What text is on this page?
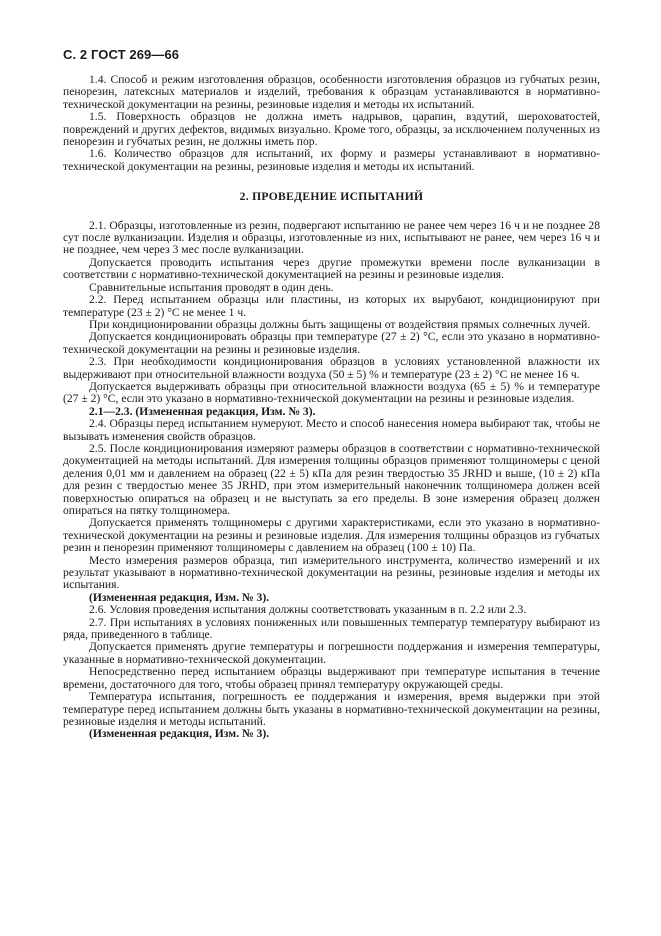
С. 2 ГОСТ 269—66

1.4. Способ и режим изготовления образцов, особенности изготовления образцов из губчатых резин, пенорезин, латексных материалов и изделий, требования к образцам устанавливаются в нормативно-технической документации на резины, резиновые изделия и методы их испытаний.

1.5. Поверхность образцов не должна иметь надрывов, царапин, вздутий, шероховатостей, повреждений и других дефектов, видимых визуально. Кроме того, образцы, за исключением полученных из пенорезин и губчатых резин, не должны иметь пор.

1.6. Количество образцов для испытаний, их форму и размеры устанавливают в нормативно-технической документации на резины, резиновые изделия и методы их испытаний.

2. ПРОВЕДЕНИЕ ИСПЫТАНИЙ

2.1. Образцы, изготовленные из резин, подвергают испытанию не ранее чем через 16 ч и не позднее 28 сут после вулканизации. Изделия и образцы, изготовленные из них, испытывают не ранее, чем через 16 ч и не позднее, чем через 3 мес после вулканизации.

Допускается проводить испытания через другие промежутки времени после вулканизации в соответствии с нормативно-технической документацией на резины и резиновые изделия.

Сравнительные испытания проводят в один день.

2.2. Перед испытанием образцы или пластины, из которых их вырубают, кондиционируют при температуре (23 ± 2) °С не менее 1 ч.

При кондиционировании образцы должны быть защищены от воздействия прямых солнечных лучей.

Допускается кондиционировать образцы при температуре (27 ± 2) °С, если это указано в нормативно-технической документации на резины и резиновые изделия.

2.3. При необходимости кондиционирования образцов в условиях установленной влажности их выдерживают при относительной влажности воздуха (50 ± 5) % и температуре (23 ± 2) °С не менее 16 ч.

Допускается выдерживать образцы при относительной влажности воздуха (65 ± 5) % и температуре (27 ± 2) °С, если это указано в нормативно-технической документации на резины и резиновые изделия.

2.1—2.3. (Измененная редакция, Изм. № 3).

2.4. Образцы перед испытанием нумеруют. Место и способ нанесения номера выбирают так, чтобы не вызывать изменения свойств образцов.

2.5. После кондиционирования измеряют размеры образцов в соответствии с нормативно-технической документацией на методы испытаний. Для измерения толщины образцов применяют толщиномеры с ценой деления 0,01 мм и давлением на образец (22 ± 5) кПа для резин твердостью 35 JRHD и выше, (10 ± 2) кПа для резин с твердостью менее 35 JRHD, при этом измерительный наконечник толщиномера должен всей поверхностью опираться на образец и не выступать за его пределы. В зоне измерения образец должен опираться на пятку толщиномера.

Допускается применять толщиномеры с другими характеристиками, если это указано в нормативно-технической документации на резины и резиновые изделия. Для измерения толщины образцов из губчатых резин и пенорезин применяют толщиномеры с давлением на образец (100 ± 10) Па.

Место измерения размеров образца, тип измерительного инструмента, количество измерений и их результат указывают в нормативно-технической документации на резины, резиновые изделия и методы их испытания.

(Измененная редакция, Изм. № 3).

2.6. Условия проведения испытания должны соответствовать указанным в п. 2.2 или 2.3.

2.7. При испытаниях в условиях пониженных или повышенных температур температуру выбирают из ряда, приведенного в таблице.

Допускается применять другие температуры и погрешности поддержания и измерения температуры, указанные в нормативно-технической документации.

Непосредственно перед испытанием образцы выдерживают при температуре испытания в течение времени, достаточного для того, чтобы образец принял температуру окружающей среды.

Температура испытания, погрешность ее поддержания и измерения, время выдержки при этой температуре перед испытанием должны быть указаны в нормативно-технической документации на резины, резиновые изделия и методы испытаний.

(Измененная редакция, Изм. № 3).
